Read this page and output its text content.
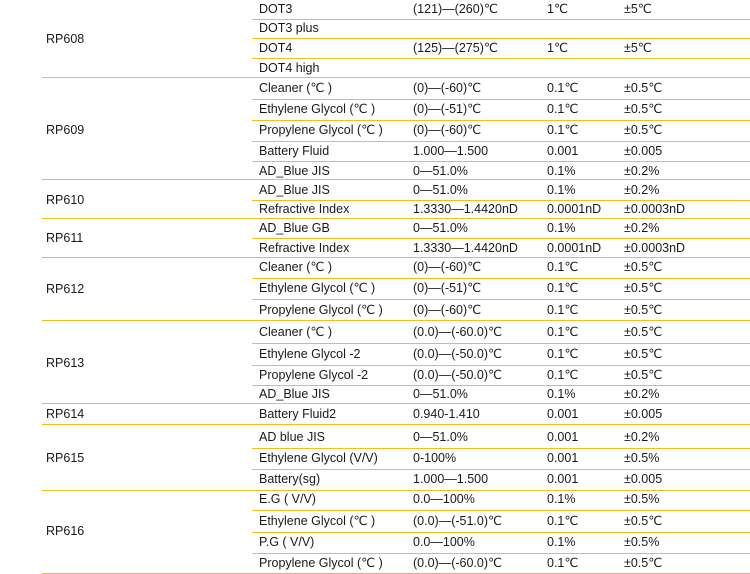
RP608
DOT3	(121)—(260)℃	1℃	±5℃
DOT3 plus
DOT4	(125)—(275)℃	1℃	±5℃
DOT4 high
RP609
Cleaner (℃ )	(0)—(-60)℃	0.1℃	±0.5℃
Ethylene Glycol (℃ )	(0)—(-51)℃	0.1℃	±0.5℃
Propylene Glycol (℃ ) (0)—(-60)℃	0.1℃	±0.5℃
Battery Fluid	1.000—1.500	0.001	±0.005
AD_Blue JIS	0—51.0%	0.1%	±0.2%
RP610
AD_Blue JIS	0—51.0%	0.1%	±0.2%
Refractive Index	1.3330—1.4420nD 0.0001nD ±0.0003nD
RP611
AD_Blue GB	0—51.0%	0.1%	±0.2%
Refractive Index	1.3330—1.4420nD 0.0001nD ±0.0003nD
RP612
Cleaner (℃ )	(0)—(-60)℃	0.1℃	±0.5℃
Ethylene Glycol (℃ )	(0)—(-51)℃	0.1℃	±0.5℃
Propylene Glycol (℃ ) (0)—(-60)℃	0.1℃	±0.5℃
RP613
Cleaner (℃ )	(0.0)—(-60.0)℃	0.1℃	±0.5℃
Ethylene Glycol -2	(0.0)—(-50.0)℃	0.1℃	±0.5℃
Propylene Glycol -2	(0.0)—(-50.0)℃	0.1℃	±0.5℃
AD_Blue JIS	0—51.0%	0.1%	±0.2%
RP614	Battery Fluid2	0.940-1.410	0.001	±0.005
RP615
AD blue JIS	0—51.0%	0.001	±0.2%
Ethylene Glycol (V/V)	0-100%	0.001	±0.5%
Battery(sg)	1.000—1.500	0.001	±0.005
RP616
E.G ( V/V)	0.0—100%	0.1%	±0.5%
Ethylene Glycol (℃ )	(0.0)—(-51.0)℃	0.1℃	±0.5℃
P.G ( V/V)	0.0—100%	0.1%	±0.5%
Propylene Glycol (℃ ) (0.0)—(-60.0)℃	0.1℃	±0.5℃
